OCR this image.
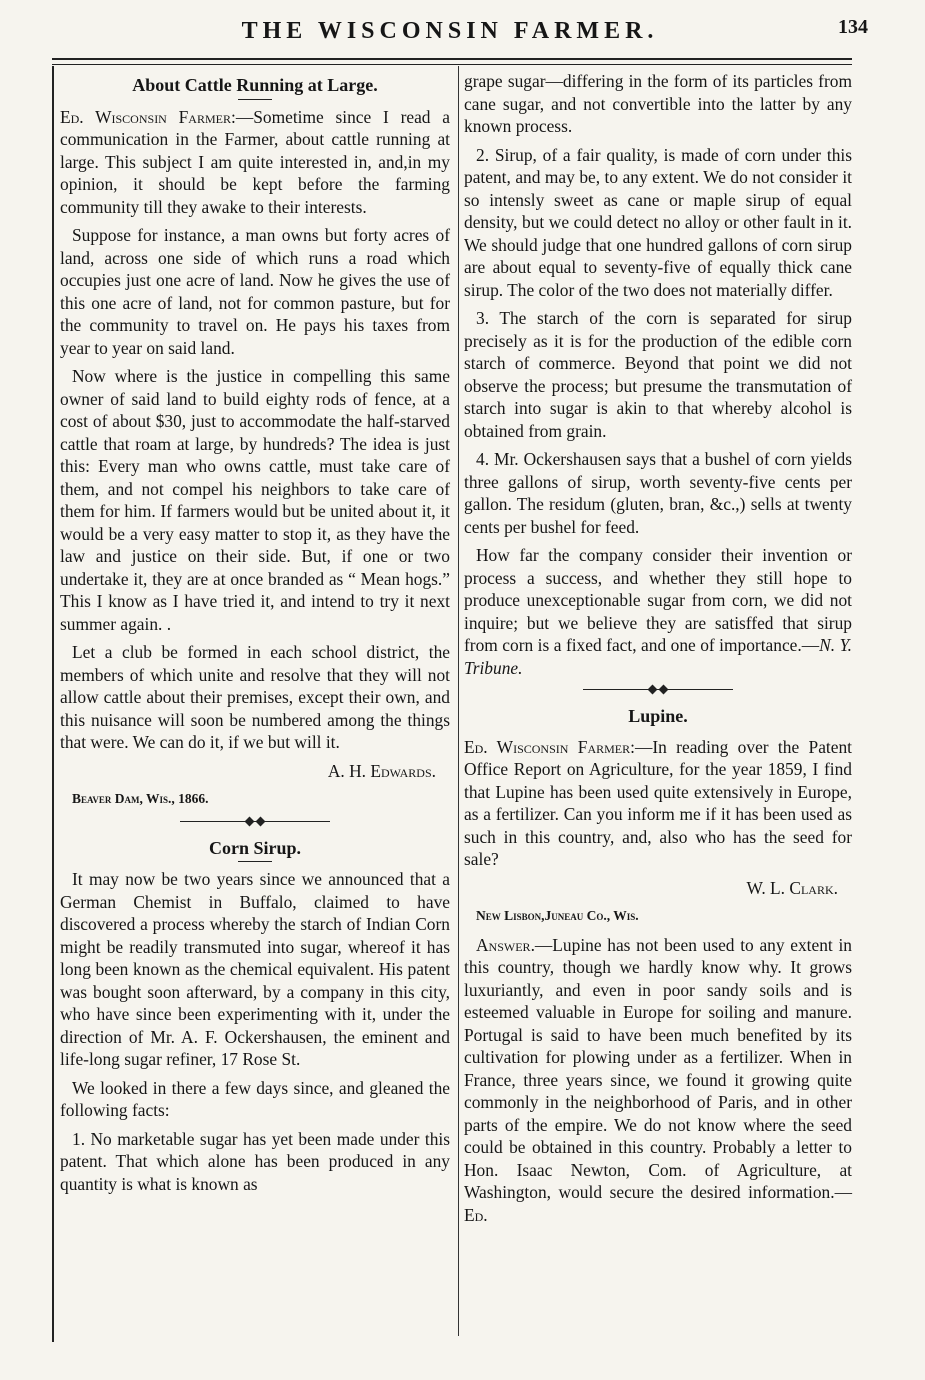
THE WISCONSIN FARMER.	134
About Cattle Running at Large.

Ed. Wisconsin Farmer:—Sometime since I read a communication in the Farmer, about cattle running at large. This subject I am quite interested in, and,in my opinion, it should be kept before the farming community till they awake to their interests.

Suppose for instance, a man owns but forty acres of land, across one side of which runs a road which occupies just one acre of land. Now he gives the use of this one acre of land, not for common pasture, but for the community to travel on. He pays his taxes from year to year on said land.

Now where is the justice in compelling this same owner of said land to build eighty rods of fence, at a cost of about $30, just to accommodate the half-starved cattle that roam at large, by hundreds? The idea is just this: Every man who owns cattle, must take care of them, and not compel his neighbors to take care of them for him. If farmers would but be united about it, it would be a very easy matter to stop it, as they have the law and justice on their side. But, if one or two undertake it, they are at once branded as “ Mean hogs.” This I know as I have tried it, and intend to try it next summer again. .

Let a club be formed in each school district, the members of which unite and resolve that they will not allow cattle about their premises, except their own, and this nuisance will soon be numbered among the things that were. We can do it, if we but will it.

A. H. Edwards.

Beaver Dam, Wis., 1866.
Corn Sirup.

It may now be two years since we announced that a German Chemist in Buffalo, claimed to have discovered a process whereby the starch of Indian Corn might be readily transmuted into sugar, whereof it has long been known as the chemical equivalent. His patent was bought soon afterward, by a company in this city, who have since been experimenting with it, under the direction of Mr. A. F. Ockershausen, the eminent and life-long sugar refiner, 17 Rose St.

We looked in there a few days since, and gleaned the following facts:

1. No marketable sugar has yet been made under this patent. That which alone has been produced in any quantity is what is known as

grape sugar—differing in the form of its particles from cane sugar, and not convertible into the latter by any known process.

2. Sirup, of a fair quality, is made of corn under this patent, and may be, to any extent. We do not consider it so intensly sweet as cane or maple sirup of equal density, but we could detect no alloy or other fault in it. We should judge that one hundred gallons of corn sirup are about equal to seventy-five of equally thick cane sirup. The color of the two does not materially differ.

3. The starch of the corn is separated for sirup precisely as it is for the production of the edible corn starch of commerce. Beyond that point we did not observe the process; but presume the transmutation of starch into sugar is akin to that whereby alcohol is obtained from grain.

4. Mr. Ockershausen says that a bushel of corn yields three gallons of sirup, worth seventy-five cents per gallon. The residum (gluten, bran, &c.,) sells at twenty cents per bushel for feed.

How far the company consider their invention or process a success, and whether they still hope to produce unexceptionable sugar from corn, we did not inquire; but we believe they are satisffed that sirup from corn is a fixed fact, and one of importance.—N. Y. Tribune.

Lupine.

Ed. Wisconsin Farmer:—In reading over the Patent Office Report on Agriculture, for the year 1859, I find that Lupine has been used quite extensively in Europe, as a fertilizer. Can you inform me if it has been used as such in this country, and, also who has the seed for sale?

W. L. Clark.

New Lisbon,Juneau Co., Wis.

Answer.—Lupine has not been used to any extent in this country, though we hardly know why. It grows luxuriantly, and even in poor sandy soils and is esteemed valuable in Europe for soiling and manure. Portugal is said to have been much benefited by its cultivation for plowing under as a fertilizer. When in France, three years since, we found it growing quite commonly in the neighborhood of Paris, and in other parts of the empire. We do not know where the seed could be obtained in this country. Probably a letter to Hon. Isaac Newton, Com. of Agriculture, at Washington, would secure the desired information.—Ed.
